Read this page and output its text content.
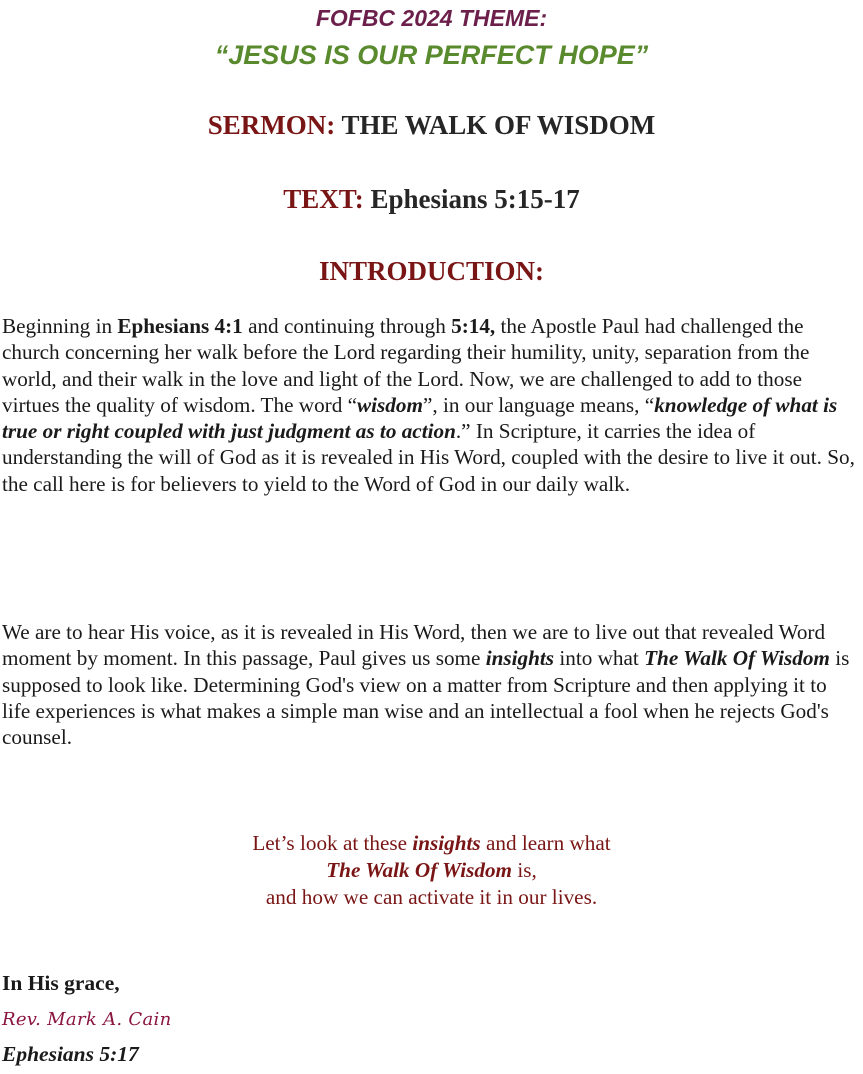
FOFBC 2024 THEME:
“JESUS IS OUR PERFECT HOPE”
SERMON: THE WALK OF WISDOM
TEXT: Ephesians 5:15-17
INTRODUCTION:

Beginning in Ephesians 4:1 and continuing through 5:14, the Apostle Paul had challenged the church concerning her walk before the Lord regarding their humility, unity, separation from the world, and their walk in the love and light of the Lord. Now, we are challenged to add to those virtues the quality of wisdom. The word “wisdom”, in our language means, “knowledge of what is true or right coupled with just judgment as to action.” In Scripture, it carries the idea of understanding the will of God as it is revealed in His Word, coupled with the desire to live it out. So, the call here is for believers to yield to the Word of God in our daily walk.

We are to hear His voice, as it is revealed in His Word, then we are to live out that revealed Word moment by moment. In this passage, Paul gives us some insights into what The Walk Of Wisdom is supposed to look like. Determining God's view on a matter from Scripture and then applying it to life experiences is what makes a simple man wise and an intellectual a fool when he rejects God's counsel.

Let’s look at these insights and learn what
The Walk Of Wisdom is,
and how we can activate it in our lives.
In His grace,
Rev. Mark A. Cain
Ephesians 5:17
